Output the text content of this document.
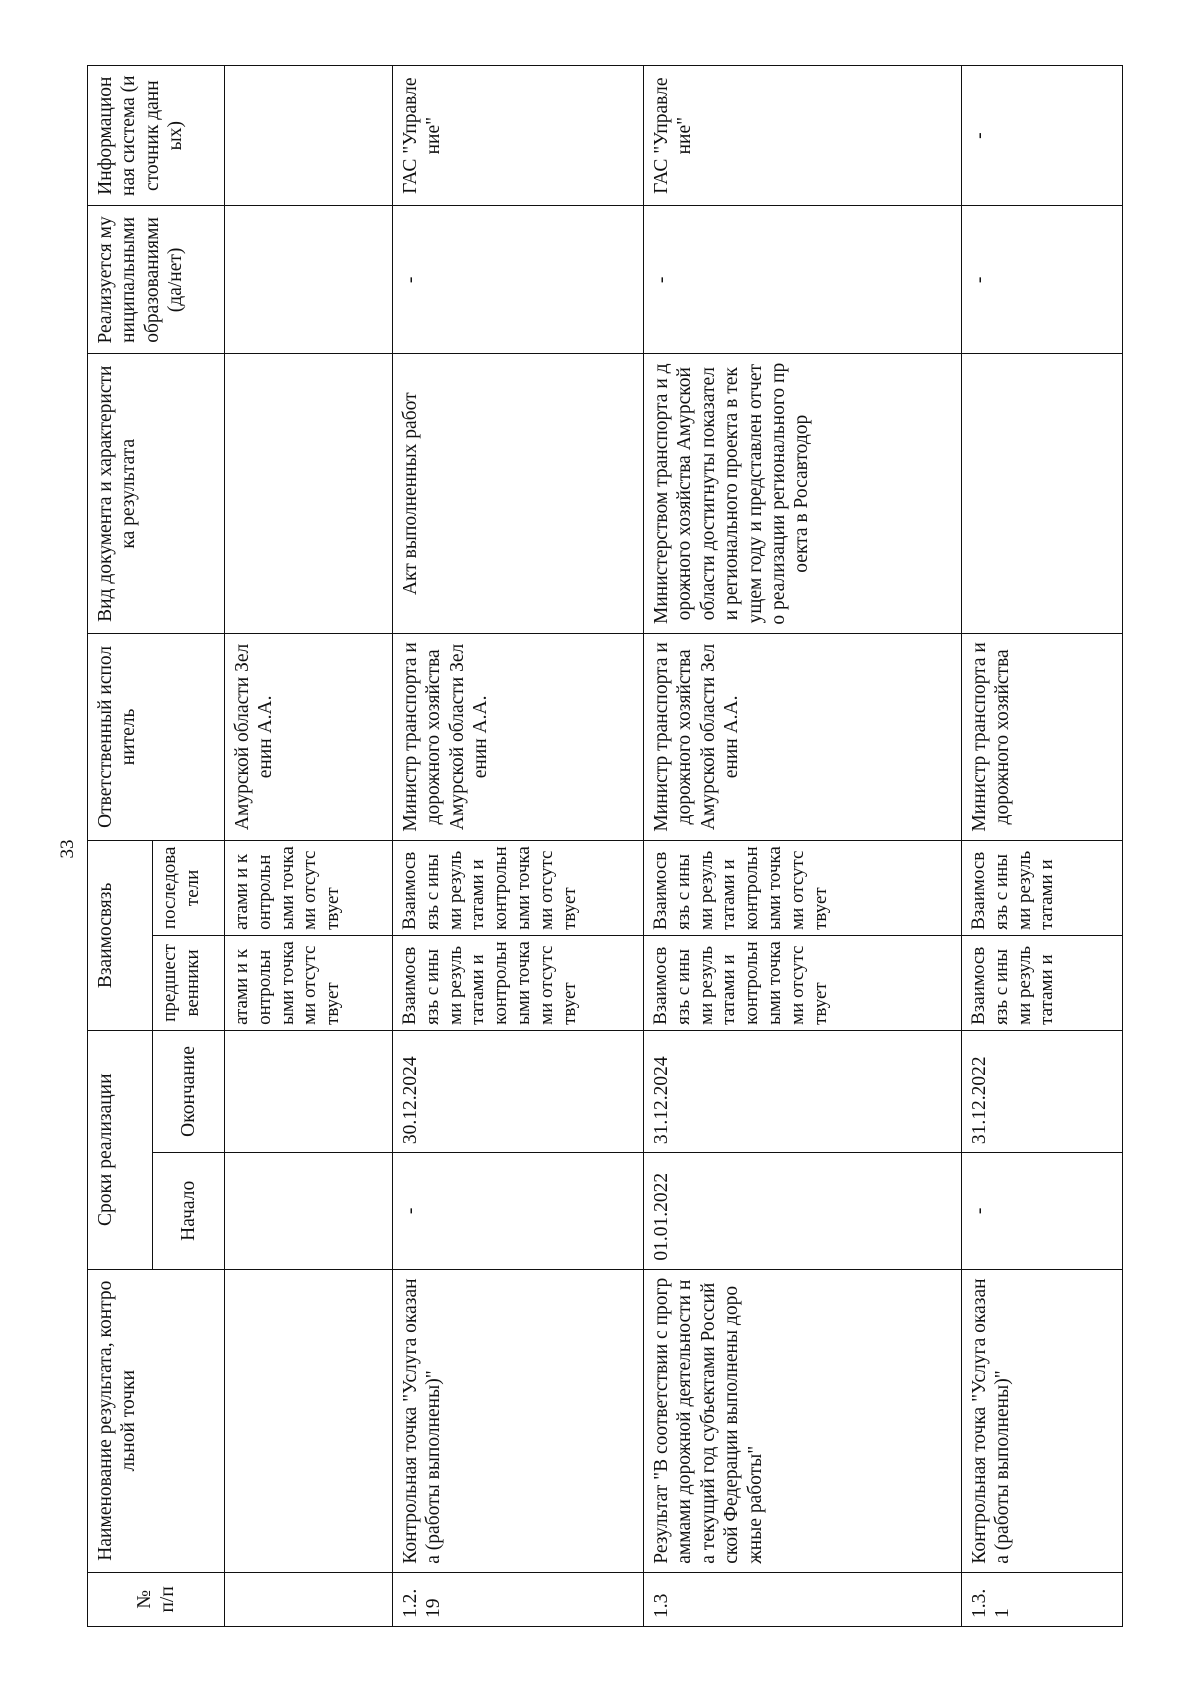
33
№ п/п	Наименование результата, контрольной точки	Сроки реализации		Взаимосвязь		Ответственный исполнитель	Вид документа и характеристика результата	Реализуется муниципальными образованиями (да/нет)	Информационная система (источник данных)
		Начало	Окончание	предшественники	последователи				
				атами и контрольными точками отсутствует	атами и контрольными точками отсутствует	Амурской области Зеленин А.А.			
1.2.19	Контрольная точка "Услуга оказана (работы выполнены)"	-	30.12.2024	Взаимосвязь с иными результатами и контрольными точками отсутствует	Взаимосвязь с иными результатами и контрольными точками отсутствует	Министр транспорта и дорожного хозяйства Амурской области Зеленин А.А.	Акт выполненных работ	-	ГАС "Управление"
1.3	Результат "В соответствии с программами дорожной деятельности на текущий год субъектами Российской Федерации выполнены дорожные работы"	01.01.2022	31.12.2024	Взаимосвязь с иными результатами и контрольными точками отсутствует	Взаимосвязь с иными результатами и контрольными точками отсутствует	Министр транспорта и дорожного хозяйства Амурской области Зеленин А.А.	Министерством транспорта и дорожного хозяйства Амурской области достигнуты показатели регионального проекта в текущем году и представлен отчет о реализации регионального проекта в Росавтодор	-	ГАС "Управление"
1.3.1	Контрольная точка "Услуга оказана (работы выполнены)"	-	31.12.2022	Взаимосвязь с иными результатами и	Взаимосвязь с иными результатами и	Министр транспорта и дорожного хозяйства		-	-
